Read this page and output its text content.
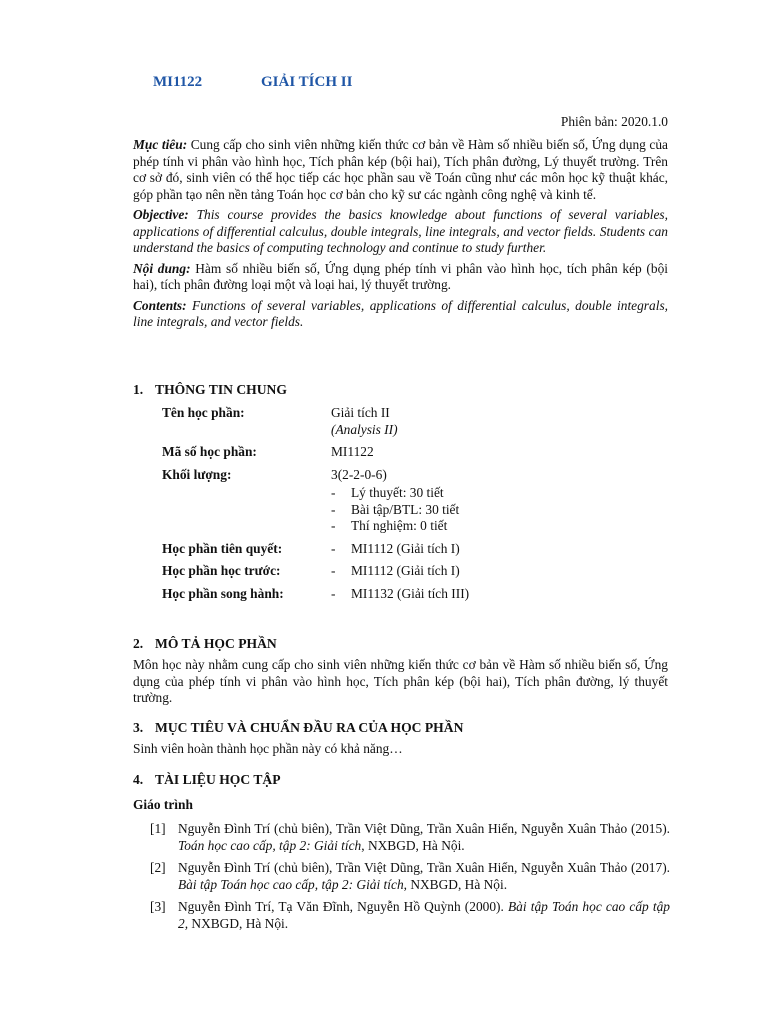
MI1122	GIẢI TÍCH II
Phiên bản: 2020.1.0

Mục tiêu: Cung cấp cho sinh viên những kiến thức cơ bản về Hàm số nhiều biến số, Ứng dụng của phép tính vi phân vào hình học, Tích phân kép (bội hai), Tích phân đường, Lý thuyết trường. Trên cơ sở đó, sinh viên có thể học tiếp các học phần sau về Toán cũng như các môn học kỹ thuật khác, góp phần tạo nên nền tảng Toán học cơ bản cho kỹ sư các ngành công nghệ và kinh tế.

Objective: This course provides the basics knowledge about functions of several variables, applications of differential calculus, double integrals, line integrals, and vector fields. Students can understand the basics of computing technology and continue to study further.

Nội dung: Hàm số nhiều biến số, Ứng dụng phép tính vi phân vào hình học, tích phân kép (bội hai), tích phân đường loại một và loại hai, lý thuyết trường.

Contents: Functions of several variables, applications of differential calculus, double integrals, line integrals, and vector fields.

1. THÔNG TIN CHUNG
Tên học phần:	Giải tích II
(Analysis II)
Mã số học phần:	MI1122
Khối lượng:	3(2-2-0-6)
-	Lý thuyết: 30 tiết
-	Bài tập/BTL: 30 tiết
-	Thí nghiệm: 0 tiết
Học phần tiên quyết:	-	MI1112 (Giải tích I)
Học phần học trước:	-	MI1112 (Giải tích I)
Học phần song hành:	-	MI1132 (Giải tích III)
2. MÔ TẢ HỌC PHẦN
Môn học này nhằm cung cấp cho sinh viên những kiến thức cơ bản về Hàm số nhiều biến số, Ứng dụng của phép tính vi phân vào hình học, Tích phân kép (bội hai), Tích phân đường, lý thuyết trường.
3. MỤC TIÊU VÀ CHUẨN ĐẦU RA CỦA HỌC PHẦN
Sinh viên hoàn thành học phần này có khả năng…
4. TÀI LIỆU HỌC TẬP
Giáo trình
[1] Nguyễn Đình Trí (chủ biên), Trần Việt Dũng, Trần Xuân Hiển, Nguyễn Xuân Thảo (2015). Toán học cao cấp, tập 2: Giải tích, NXBGD, Hà Nội.
[2] Nguyễn Đình Trí (chủ biên), Trần Việt Dũng, Trần Xuân Hiển, Nguyễn Xuân Thảo (2017). Bài tập Toán học cao cấp, tập 2: Giải tích, NXBGD, Hà Nội.
[3] Nguyễn Đình Trí, Tạ Văn Đĩnh, Nguyễn Hồ Quỳnh (2000). Bài tập Toán học cao cấp tập 2, NXBGD, Hà Nội.
